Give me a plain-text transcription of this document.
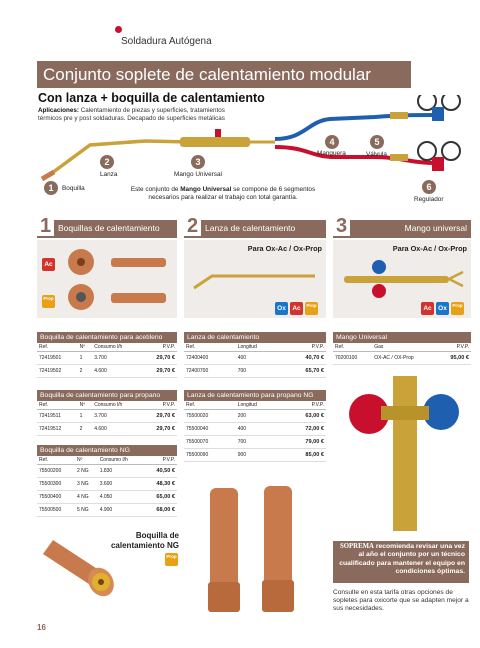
Soldadura Autógena
Conjunto soplete de calentamiento modular
Con lanza + boquilla de calentamiento
Aplicaciones: Calentamiento de piezas y superficies, tratamientos térmicos pre y post soldaduras. Decapado de superficies metálicas
1	Boquilla
2
Lanza
3
Mango Universal
4
Manguera
5
Válvula
6
Regulador
Este conjunto de Mango Universal se compone de 6 segmentos necesarios para realizar el trabajo con total garantía.
1 Boquillas de calentamiento
Ac
Prop
2 Lanza de calentamiento
Para Ox-Ac / Ox-Prop
Ox	Ac	Prop
3	Mango universal
Para Ox-Ac / Ox-Prop
Ox
Ac	Prop
Boquilla de calentamiento para acetileno
Ref.	Nº	Consumo l/h	P.V.P.
72419501	1	3.700	29,70 €
72419502	2	4.600	29,70 €
Boquilla de calentamiento para propano
Ref.	Nº	Consumo l/h	P.V.P.
72419511	1	3.700	29,70 €
72419512	2	4.600	29,70 €
Boquilla de calentamiento NG
Ref.	Nº	Consumo l/h	P.V.P.
75500200	2 NG	1.830	40,50 €
75500300	3 NG	3.600	48,30 €
75500400	4 NG	4.050	65,00 €
75500500	5 NG	4.900	68,00 €
Lanza de calentamiento
Ref.	Longitud	P.V.P.
72400400	400	40,70 €
72400700	700	65,70 €
Lanza de calentamiento para propano NG
Ref.	Longitud	P.V.P.
75500020	200	63,00 €
75500040	400	72,00 €
75500070	700	79,00 €
75500090	900	85,00 €
Mango Universal
Ref.	Gas	P.V.P.
70200100	OX-AC / OX-Prop	95,00 €
Boquilla de calentamiento NG
Prop
SOPREMA recomienda revisar una vez al año el conjunto por un técnico cualificado para mantener el equipo en condiciones óptimas.
Consulte en esta tarifa otras opciones de sopletes para oxicorte que se adapten mejor a sus necesidades.
16
